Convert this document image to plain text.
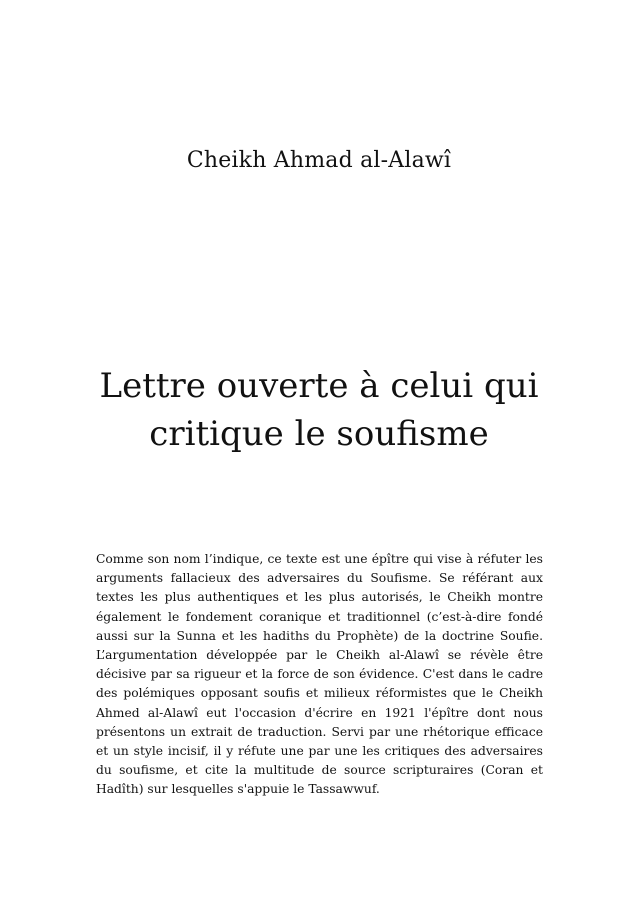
Cheikh Ahmad al-Alawî
Lettre ouverte à celui qui
critique le soufisme

Comme son nom l’indique, ce texte est une épître qui vise à réfuter les arguments fallacieux des adversaires du Soufisme. Se référant aux textes les plus authentiques et les plus autorisés, le Cheikh montre également le fondement coranique et traditionnel (c’est-à-dire fondé aussi sur la Sunna et les hadiths du Prophète) de la doctrine Soufie. L’argumentation développée par le Cheikh al-Alawî se révèle être décisive par sa rigueur et la force de son évidence. C'est dans le cadre des polémiques opposant soufis et milieux réformistes que le Cheikh Ahmed al-Alawî eut l'occasion d'écrire en 1921 l'épître dont nous présentons un extrait de traduction. Servi par une rhétorique efficace et un style incisif, il y réfute une par une les critiques des adversaires du soufisme, et cite la multitude de source scripturaires (Coran et Hadîth) sur lesquelles s'appuie le Tassawwuf.
